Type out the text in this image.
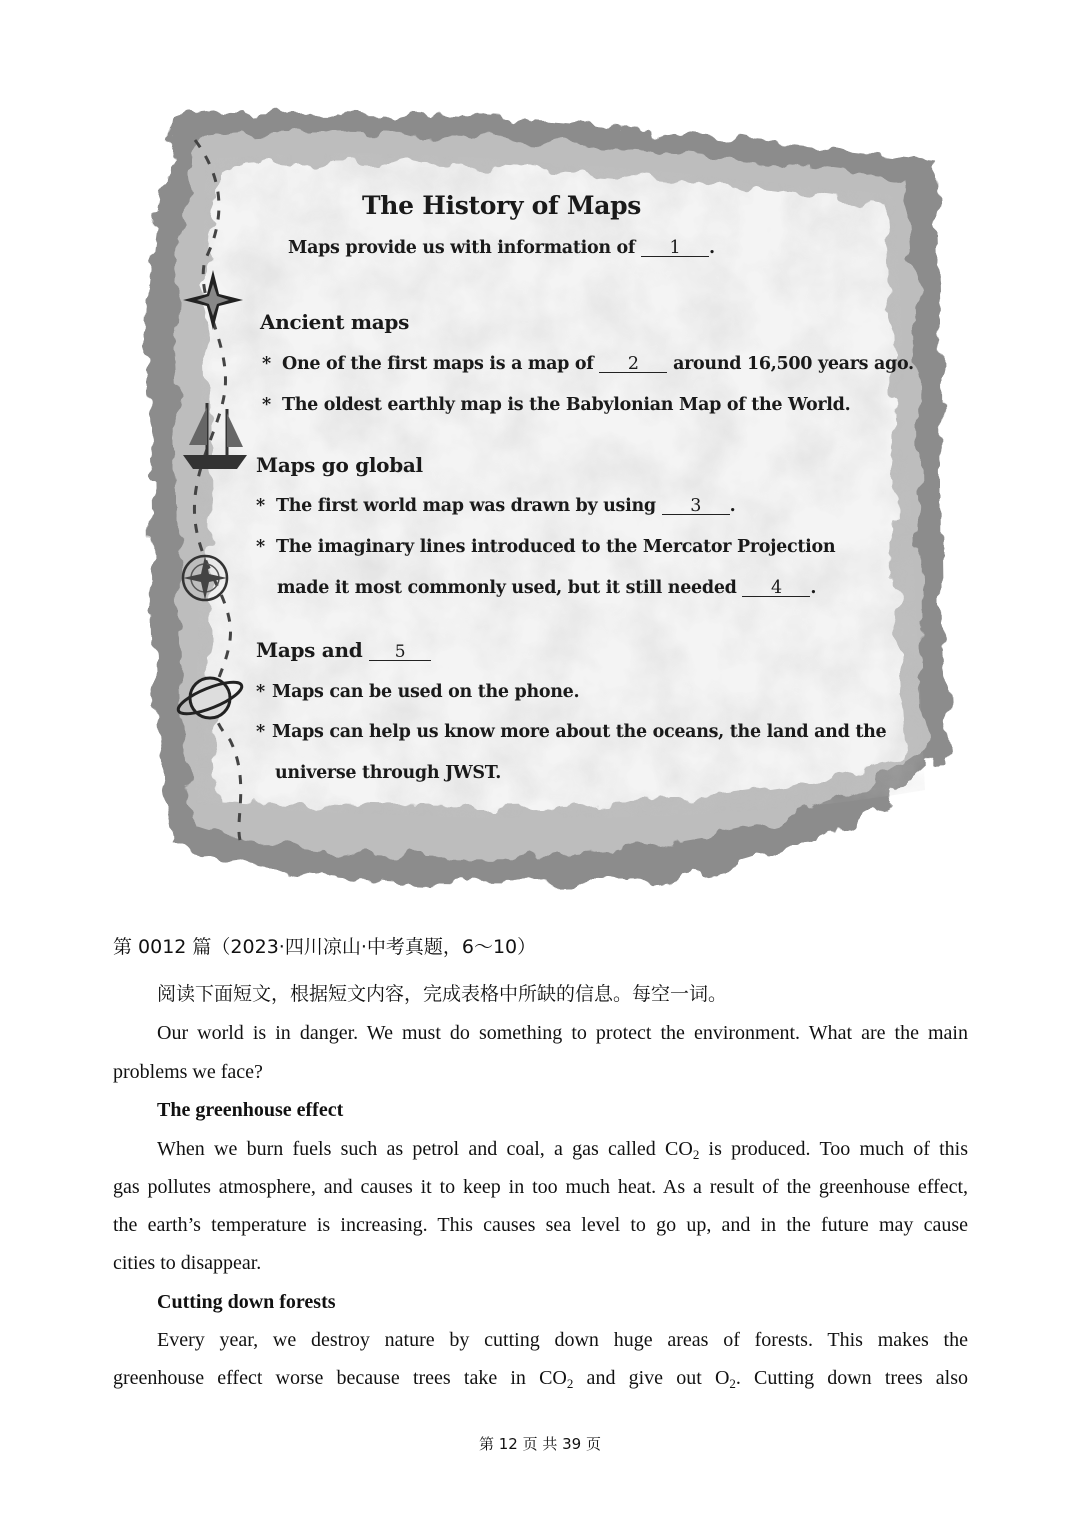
The History of Maps
Maps provide us with information of 1 .
Ancient maps
* One of the first maps is a map of 2 around 16,500 years ago.
* The oldest earthly map is the Babylonian Map of the World.
Maps go global
* The first world map was drawn by using 3 .
* The imaginary lines introduced to the Mercator Projection
made it most commonly used, but it still needed 4 .
Maps and 5
* Maps can be used on the phone.
* Maps can help us know more about the oceans, the land and the
universe through JWST.
第 0012 篇（2023·四川凉山·中考真题，6～10）
阅读下面短文，根据短文内容，完成表格中所缺的信息。每空一词。
Our world is in danger. We must do something to protect the environment. What are the main
problems we face?
The greenhouse effect
When we burn fuels such as petrol and coal, a gas called $CO_2$ is produced. Too much of this
gas pollutes atmosphere, and causes it to keep in too much heat. As a result of the greenhouse effect,
the earth’s temperature is increasing. This causes sea level to go up, and in the future may cause
cities to disappear.
Cutting down forests
Every year, we destroy nature by cutting down huge areas of forests. This makes the
greenhouse effect worse because trees take in $CO_2$ and give out $O_2$. Cutting down trees also
第 12 页 共 39 页
